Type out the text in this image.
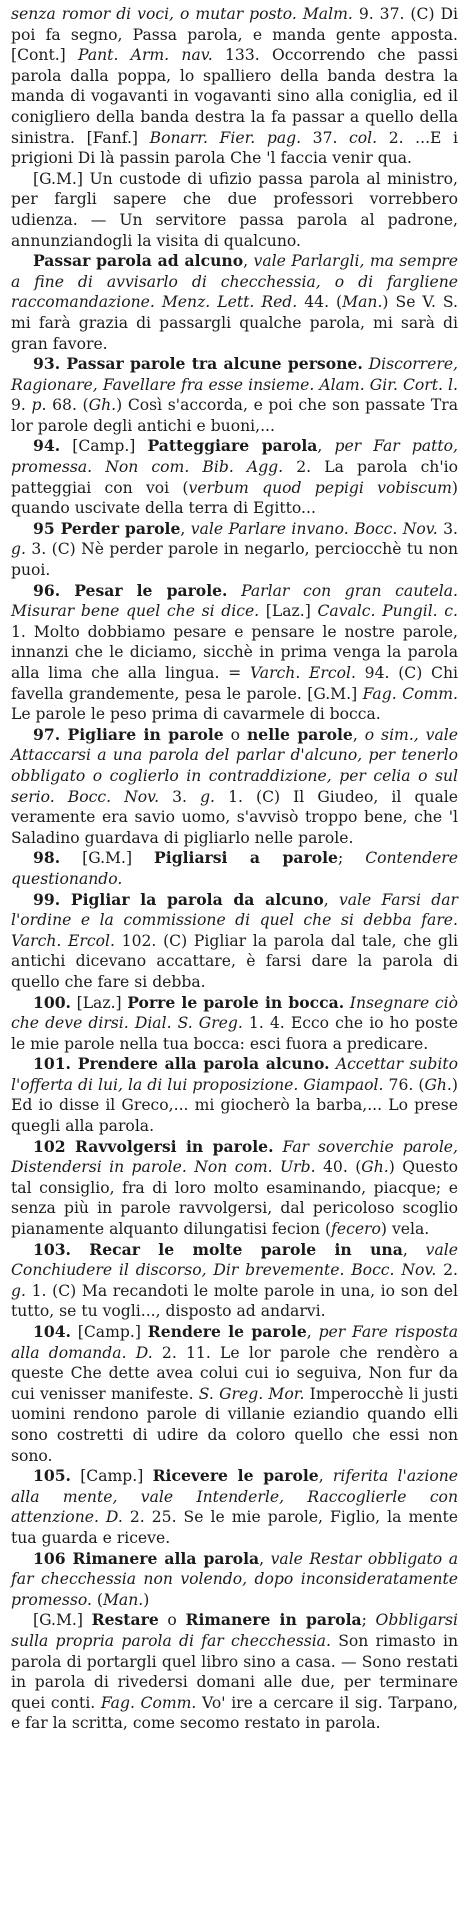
senza romor di voci, o mutar posto. Malm. 9. 37. (C) Di poi fa segno, Passa parola, e manda gente apposta. [Cont.] Pant. Arm. nav. 133. Occorrendo che passi parola dalla poppa, lo spalliero della banda destra la manda di vogavanti in vogavanti sino alla coniglia, ed il conigliero della banda destra la fa passar a quello della sinistra. [Fanf.] Bonarr. Fier. pag. 37. col. 2. ...E i prigioni Di là passin parola Che 'l faccia venir qua.

[G.M.] Un custode di ufizio passa parola al ministro, per fargli sapere che due professori vorrebbero udienza. — Un servitore passa parola al padrone, annunziandogli la visita di qualcuno.

Passar parola ad alcuno, vale Parlargli, ma sempre a fine di avvisarlo di checchessia, o di fargliene raccomandazione. Menz. Lett. Red. 44. (Man.) Se V. S. mi farà grazia di passargli qualche parola, mi sarà di gran favore.

93. Passar parole tra alcune persone. Discorrere, Ragionare, Favellare fra esse insieme. Alam. Gir. Cort. l. 9. p. 68. (Gh.) Così s'accorda, e poi che son passate Tra lor parole degli antichi e buoni,...

94. [Camp.] Patteggiare parola, per Far patto, promessa. Non com. Bib. Agg. 2. La parola ch'io patteggiai con voi (verbum quod pepigi vobiscum) quando uscivate della terra di Egitto...

95 Perder parole, vale Parlare invano. Bocc. Nov. 3. g. 3. (C) Nè perder parole in negarlo, perciocchè tu non puoi.

96. Pesar le parole. Parlar con gran cautela. Misurar bene quel che si dice. [Laz.] Cavalc. Pungil. c. 1. Molto dobbiamo pesare e pensare le nostre parole, innanzi che le diciamo, sicchè in prima venga la parola alla lima che alla lingua. = Varch. Ercol. 94. (C) Chi favella grandemente, pesa le parole. [G.M.] Fag. Comm. Le parole le peso prima di cavarmele di bocca.

97. Pigliare in parole o nelle parole, o sim., vale Attaccarsi a una parola del parlar d'alcuno, per tenerlo obbligato o coglierlo in contraddizione, per celia o sul serio. Bocc. Nov. 3. g. 1. (C) Il Giudeo, il quale veramente era savio uomo, s'avvisò troppo bene, che 'l Saladino guardava di pigliarlo nelle parole.

98. [G.M.] Pigliarsi a parole; Contendere questionando.

99. Pigliar la parola da alcuno, vale Farsi dar l'ordine e la commissione di quel che si debba fare. Varch. Ercol. 102. (C) Pigliar la parola dal tale, che gli antichi dicevano accattare, è farsi dare la parola di quello che fare si debba.

100. [Laz.] Porre le parole in bocca. Insegnare ciò che deve dirsi. Dial. S. Greg. 1. 4. Ecco che io ho poste le mie parole nella tua bocca: esci fuora a predicare.

101. Prendere alla parola alcuno. Accettar subito l'offerta di lui, la di lui proposizione. Giampaol. 76. (Gh.) Ed io disse il Greco,... mi giocherò la barba,... Lo prese quegli alla parola.

102 Ravvolgersi in parole. Far soverchie parole, Distendersi in parole. Non com. Urb. 40. (Gh.) Questo tal consiglio, fra di loro molto esaminando, piacque; e senza più in parole ravvolgersi, dal pericoloso scoglio pianamente alquanto dilungatisi fecion (fecero) vela.

103. Recar le molte parole in una, vale Conchiudere il discorso, Dir brevemente. Bocc. Nov. 2. g. 1. (C) Ma recandoti le molte parole in una, io son del tutto, se tu vogli..., disposto ad andarvi.

104. [Camp.] Rendere le parole, per Fare risposta alla domanda. D. 2. 11. Le lor parole che rendèro a queste Che dette avea colui cui io seguiva, Non fur da cui venisser manifeste. S. Greg. Mor. Imperocchè li justi uomini rendono parole di villanie eziandio quando elli sono costretti di udire da coloro quello che essi non sono.

105. [Camp.] Ricevere le parole, riferita l'azione alla mente, vale Intenderle, Raccoglierle con attenzione. D. 2. 25. Se le mie parole, Figlio, la mente tua guarda e riceve.

106 Rimanere alla parola, vale Restar obbligato a far checchessia non volendo, dopo inconsideratamente promesso. (Man.)

[G.M.] Restare o Rimanere in parola; Obbligarsi sulla propria parola di far checchessia. Son rimasto in parola di portargli quel libro sino a casa. — Sono restati in parola di rivedersi domani alle due, per terminare quei conti. Fag. Comm. Vo' ire a cercare il sig. Tarpano, e far la scritta, come secomo restato in parola.
